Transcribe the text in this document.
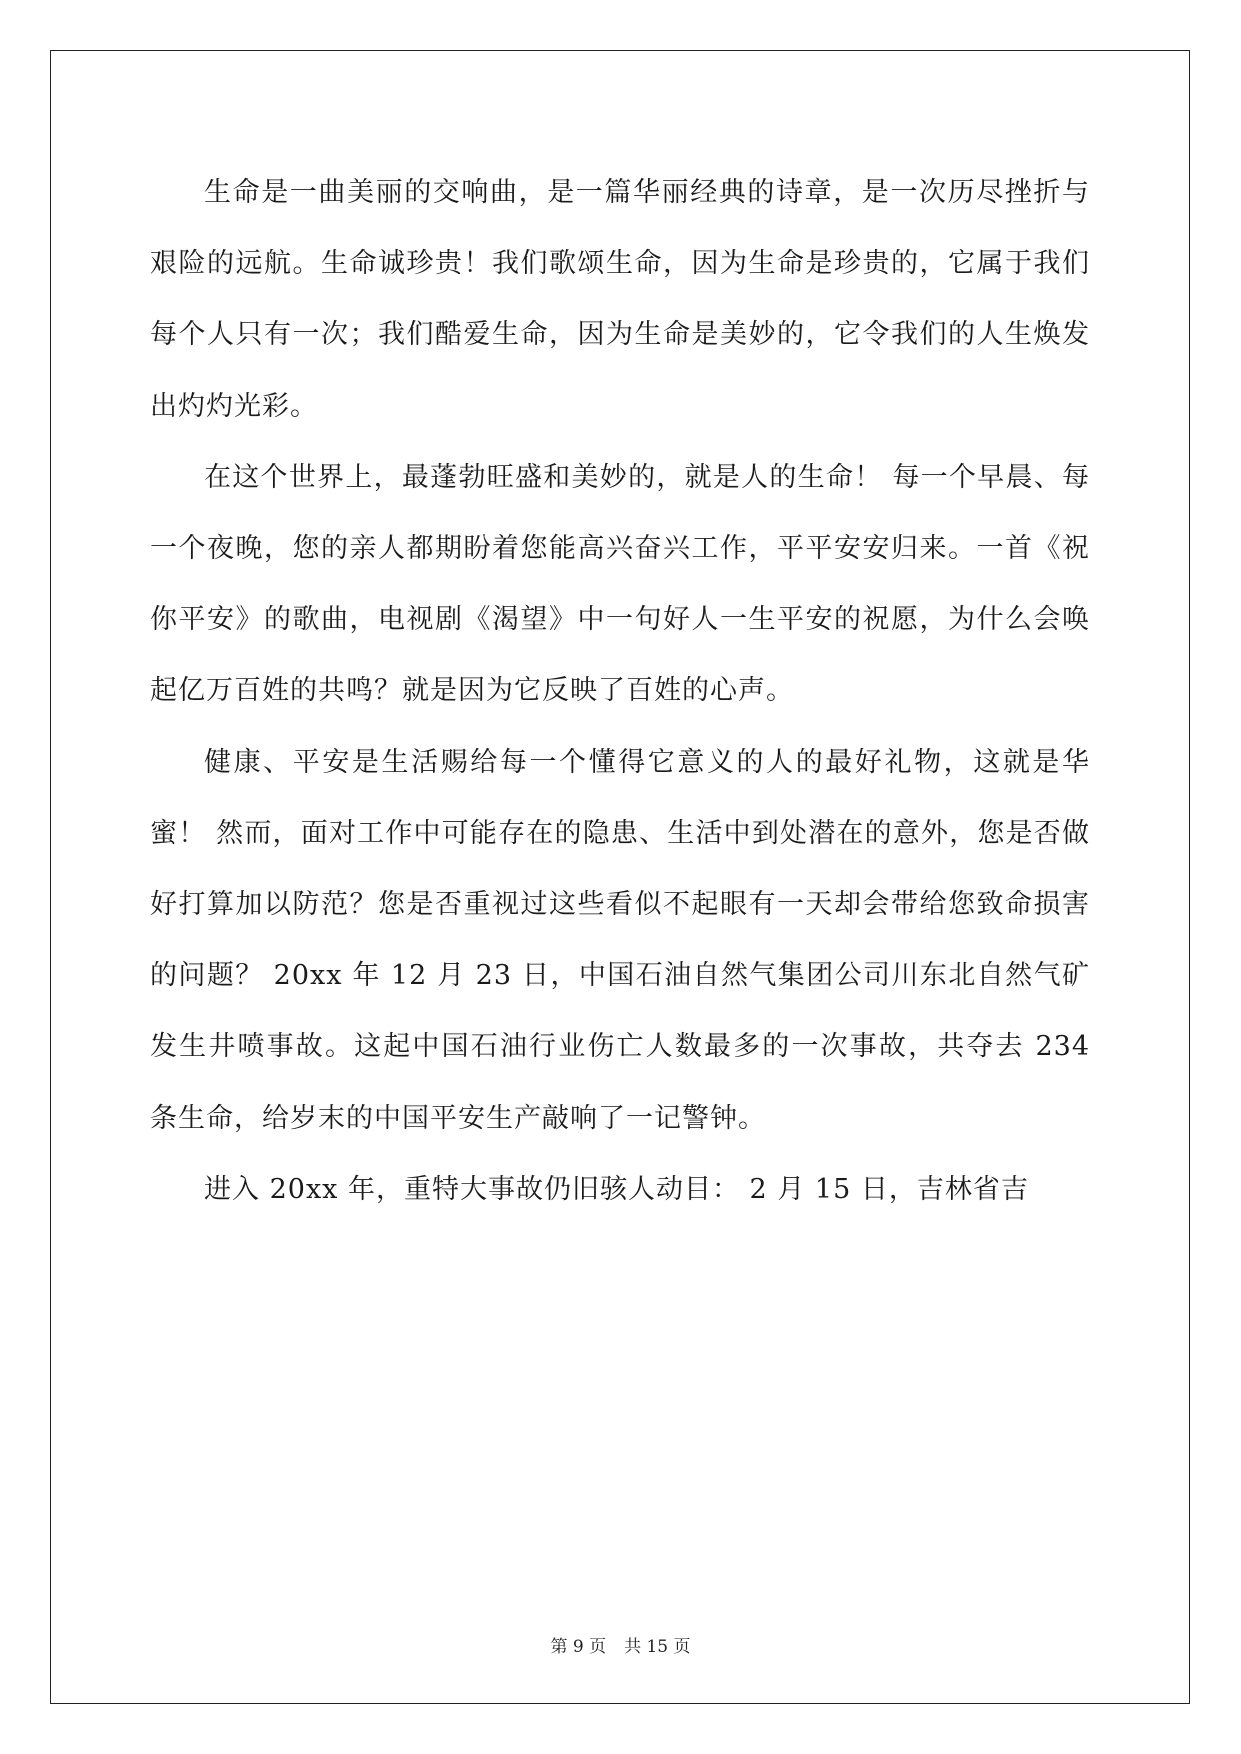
生命是一曲美丽的交响曲，是一篇华丽经典的诗章，是一次历尽挫折与艰险的远航。生命诚珍贵！我们歌颂生命，因为生命是珍贵的，它属于我们每个人只有一次；我们酷爱生命，因为生命是美妙的，它令我们的人生焕发出灼灼光彩。

在这个世界上，最蓬勃旺盛和美妙的，就是人的生命！ 每一个早晨、每一个夜晚，您的亲人都期盼着您能高兴奋兴工作，平平安安归来。一首《祝你平安》的歌曲，电视剧《渴望》中一句好人一生平安的祝愿，为什么会唤起亿万百姓的共鸣？就是因为它反映了百姓的心声。

健康、平安是生活赐给每一个懂得它意义的人的最好礼物，这就是华蜜！ 然而，面对工作中可能存在的隐患、生活中到处潜在的意外，您是否做好打算加以防范？您是否重视过这些看似不起眼有一天却会带给您致命损害的问题？ 20xx 年 12 月 23 日，中国石油自然气集团公司川东北自然气矿发生井喷事故。这起中国石油行业伤亡人数最多的一次事故，共夺去 234 条生命，给岁末的中国平安生产敲响了一记警钟。

进入 20xx 年，重特大事故仍旧骇人动目： 2 月 15 日，吉林省吉

第 9 页 共 15 页
